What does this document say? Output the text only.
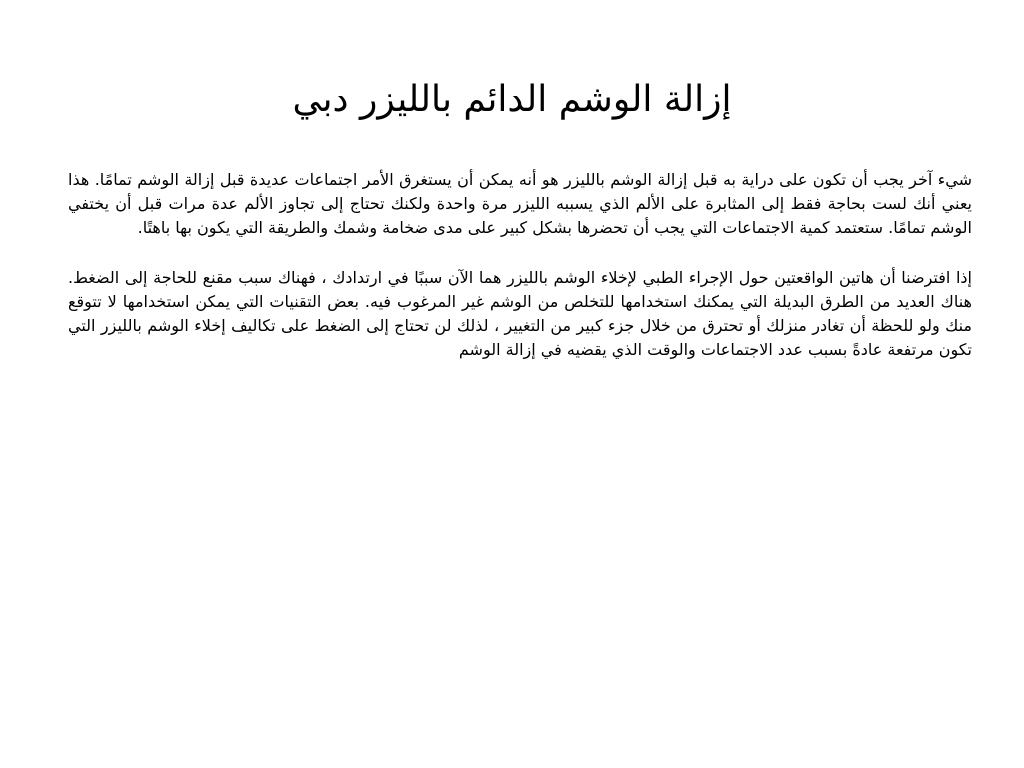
إزالة الوشم الدائم بالليزر دبي

شيء آخر يجب أن تكون على دراية به قبل إزالة الوشم بالليزر هو أنه يمكن أن يستغرق الأمر اجتماعات عديدة قبل إزالة الوشم تمامًا. هذا يعني أنك لست بحاجة فقط إلى المثابرة على الألم الذي يسببه الليزر مرة واحدة ولكنك تحتاج إلى تجاوز الألم عدة مرات قبل أن يختفي الوشم تمامًا. ستعتمد كمية الاجتماعات التي يجب أن تحضرها بشكل كبير على مدى ضخامة وشمك والطريقة التي يكون بها باهتًا.

إذا افترضنا أن هاتين الواقعتين حول الإجراء الطبي لإخلاء الوشم بالليزر هما الآن سببًا في ارتدادك ، فهناك سبب مقنع للحاجة إلى الضغط. هناك العديد من الطرق البديلة التي يمكنك استخدامها للتخلص من الوشم غير المرغوب فيه. بعض التقنيات التي يمكن استخدامها لا تتوقع منك ولو للحظة أن تغادر منزلك أو تحترق من خلال جزء كبير من التغيير ، لذلك لن تحتاج إلى الضغط على تكاليف إخلاء الوشم بالليزر التي تكون مرتفعة عادةً بسبب عدد الاجتماعات والوقت الذي يقضيه في إزالة الوشم
